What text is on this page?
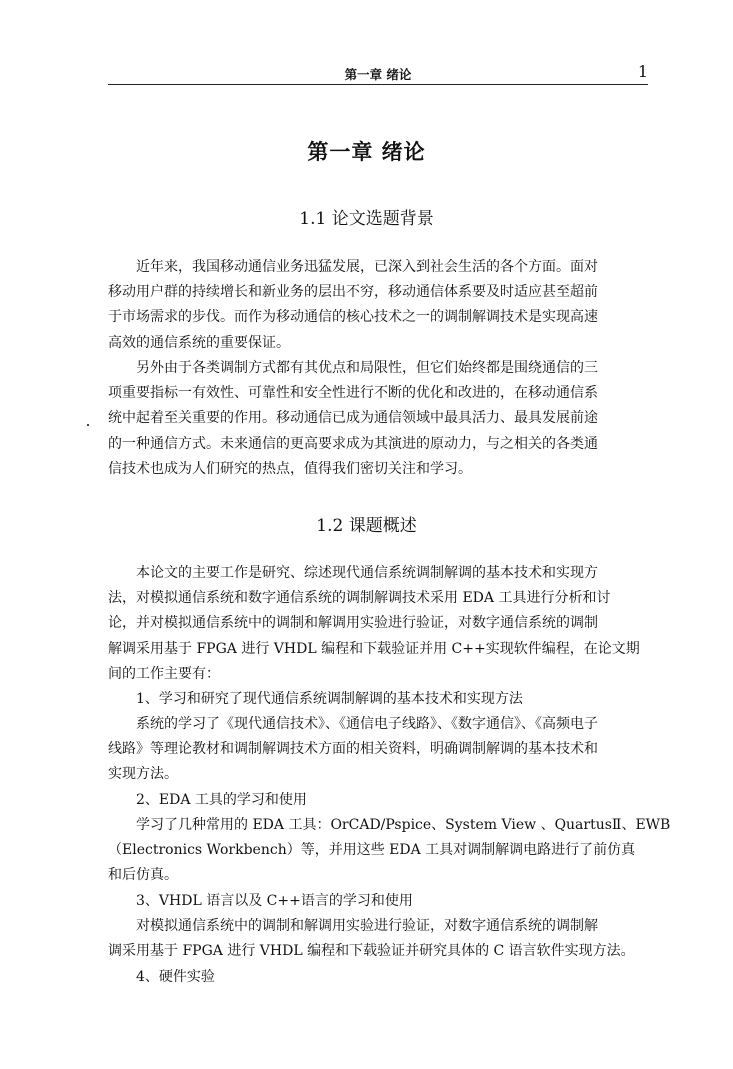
第一章 绪论	1
第一章 绪论
1.1 论文选题背景

近年来，我国移动通信业务迅猛发展，已深入到社会生活的各个方面。面对
移动用户群的持续增长和新业务的层出不穷，移动通信体系要及时适应甚至超前
于市场需求的步伐。而作为移动通信的核心技术之一的调制解调技术是实现高速
高效的通信系统的重要保证。

另外由于各类调制方式都有其优点和局限性，但它们始终都是围绕通信的三
项重要指标一有效性、可靠性和安全性进行不断的优化和改进的，在移动通信系
统中起着至关重要的作用。移动通信已成为通信领域中最具活力、最具发展前途
的一种通信方式。未来通信的更高要求成为其演进的原动力，与之相关的各类通
信技术也成为人们研究的热点，值得我们密切关注和学习。

1.2 课题概述

本论文的主要工作是研究、综述现代通信系统调制解调的基本技术和实现方
法，对模拟通信系统和数字通信系统的调制解调技术采用 EDA 工具进行分析和讨
论，并对模拟通信系统中的调制和解调用实验进行验证，对数字通信系统的调制
解调采用基于 FPGA 进行 VHDL 编程和下载验证并用 C++实现软件编程，在论文期
间的工作主要有：

1、学习和研究了现代通信系统调制解调的基本技术和实现方法

系统的学习了《现代通信技术》、《通信电子线路》、《数字通信》、《高频电子
线路》等理论教材和调制解调技术方面的相关资料，明确调制解调的基本技术和
实现方法。

2、EDA 工具的学习和使用

学习了几种常用的 EDA 工具：OrCAD/Pspice、System View 、QuartusⅡ、EWB
（Electronics Workbench）等，并用这些 EDA 工具对调制解调电路进行了前仿真
和后仿真。

3、VHDL 语言以及 C++语言的学习和使用

对模拟通信系统中的调制和解调用实验进行验证，对数字通信系统的调制解
调采用基于 FPGA 进行 VHDL 编程和下载验证并研究具体的 C 语言软件实现方法。

4、硬件实验
